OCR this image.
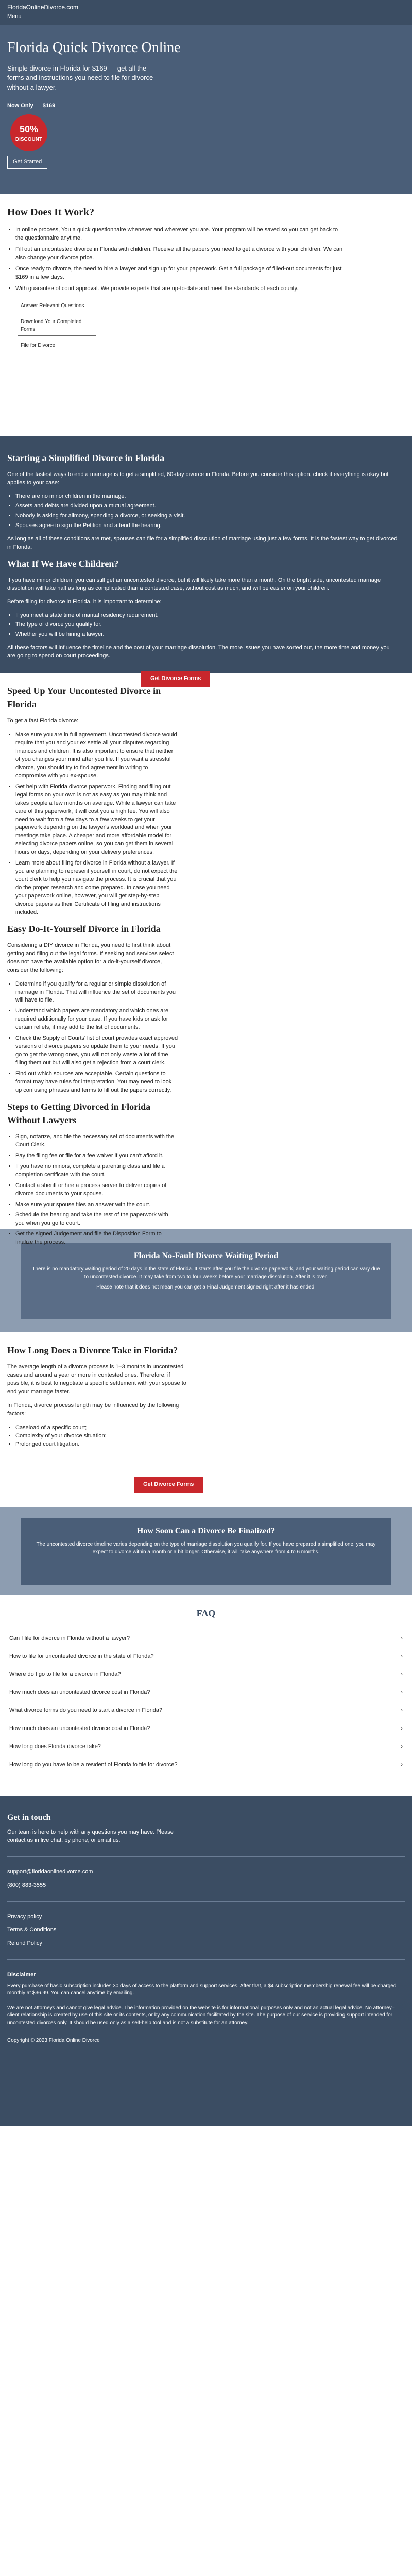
FloridaOnlineDivorce.com
Menu
Florida Quick Divorce Online

Simple divorce in Florida for $169 — get all the forms and instructions you need to file for divorce without a lawyer.

Now Only $169
50%
DISCOUNT
Get Started
How Does It Work?
• In online process, You a quick questionnaire whenever and wherever you are. Your program will be saved so you can get back to the questionnaire anytime.
• Fill out an uncontested divorce in Florida with children. Receive all the papers you need to get a divorce with your children. We can also change your divorce price.
• Once ready to divorce, the need to hire a lawyer and sign up for your paperwork. Get a full package of filled-out documents for just $169 in a few days.
• With guarantee of court approval. We provide experts that are up-to-date and meet the standards of each county.
Answer Relevant Questions
Download Your Completed Forms
File for Divorce
Starting a Simplified Divorce in Florida

One of the fastest ways to end a marriage is to get a simplified, 60-day divorce in Florida. Before you consider this option, check if everything is okay but applies to your case:

• There are no minor children in the marriage.
• Assets and debts are divided upon a mutual agreement.
• Nobody is asking for alimony, spending a divorce, or seeking a visit.
• Spouses agree to sign the Petition and attend the hearing.

As long as all of these conditions are met, spouses can file for a simplified dissolution of marriage using just a few forms. It is the fastest way to get divorced in Florida.

What If We Have Children?

If you have minor children, you can still get an uncontested divorce, but it will likely take more than a month. On the bright side, uncontested marriage dissolution will take half as long as complicated than a contested case, without cost as much, and will be easier on your children.

Before filing for divorce in Florida, it is important to determine:

• If you meet a state time of marital residency requirement.
• The type of divorce you qualify for.
• Whether you will be hiring a lawyer.

All these factors will influence the timeline and the cost of your marriage dissolution. The more issues you have sorted out, the more time and money you are going to spend on court proceedings.

Get Divorce Forms
Speed Up Your Uncontested Divorce in Florida

To get a fast Florida divorce:

• Make sure you are in full agreement. Uncontested divorce would require that you and your ex settle all your disputes regarding finances and children. It is also important to ensure that neither of you changes your mind after you file. If you want a stressful divorce, you should try to find agreement in writing to compromise with you ex-spouse.
• Get help with Florida divorce paperwork. Finding and filing out legal forms on your own is not as easy as you may think and takes people a few months on average. While a lawyer can take care of this paperwork, it will cost you a high fee. You will also need to wait from a few days to a few weeks to get your paperwork depending on the lawyer's workload and when your meetings take place. A cheaper and more affordable model for selecting divorce papers online, so you can get them in several hours or days, depending on your delivery preferences.
• Learn more about filing for divorce in Florida without a lawyer. If you are planning to represent yourself in court, do not expect the court clerk to help you navigate the process. It is crucial that you do the proper research and come prepared. In case you need your paperwork online, however, you will get step-by-step divorce papers as their Certificate of filing and instructions included.
Easy Do-It-Yourself Divorce in Florida

Considering a DIY divorce in Florida, you need to first think about getting and filing out the legal forms. If seeking and services select does not have the available option for a do-it-yourself divorce, consider the following:

• Determine if you qualify for a regular or simple dissolution of marriage in Florida. That will influence the set of documents you will have to file.
• Understand which papers are mandatory and which ones are required additionally for your case. If you have kids or ask for certain reliefs, it may add to the list of documents.
• Check the Supply of Courts' list of court provides exact approved versions of divorce papers so update them to your needs. If you go to get the wrong ones, you will not only waste a lot of time filing them out but will also get a rejection from a court clerk.
• Find out which sources are acceptable. Certain questions to format may have rules for interpretation. You may need to look up confusing phrases and terms to fill out the papers correctly.
Steps to Getting Divorced in Florida Without Lawyers
• Sign, notarize, and file the necessary set of documents with the Court Clerk.
• Pay the filing fee or file for a fee waiver if you can't afford it.
• If you have no minors, complete a parenting class and file a completion certificate with the court.
• Contact a sheriff or hire a process server to deliver copies of divorce documents to your spouse.
• Make sure your spouse files an answer with the court.
• Schedule the hearing and take the rest of the paperwork with you when you go to court.
• Get the signed Judgement and file the Disposition Form to finalize the process.
Florida No-Fault Divorce Waiting Period

There is no mandatory waiting period of 20 days in the state of Florida. It starts after you file the divorce paperwork, and your waiting period can vary due to uncontested divorce. It may take from two to four weeks before your marriage dissolution. After it is over.

Please note that it does not mean you can get a Final Judgement signed right after it has ended.

How Long Does a Divorce Take in Florida?

The average length of a divorce process is 1–3 months in uncontested cases and around a year or more in contested ones. Therefore, if possible, it is best to negotiate a specific settlement with your spouse to end your marriage faster.

In Florida, divorce process length may be influenced by the following factors:

• Caseload of a specific court;
• Complexity of your divorce situation;
• Prolonged court litigation.
Get Divorce Forms
How Soon Can a Divorce Be Finalized?

The uncontested divorce timeline varies depending on the type of marriage dissolution you qualify for. If you have prepared a simplified one, you may expect to divorce within a month or a bit longer. Otherwise, it will take anywhere from 4 to 6 months.

FAQ
Can I file for divorce in Florida without a lawyer?	›
How to file for uncontested divorce in the state of Florida?	›
Where do I go to file for a divorce in Florida?	›
How much does an uncontested divorce cost in Florida?	›
What divorce forms do you need to start a divorce in Florida?	›
How much does an uncontested divorce cost in Florida?	›
How long does Florida divorce take?	›
How long do you have to be a resident of Florida to file for divorce?	›
Get in touch

Our team is here to help with any questions you may have. Please contact us in live chat, by phone, or email us.

support@floridaonlinedivorce.com
(800) 883-3555
Privacy policy
Terms & Conditions
Refund Policy

Disclaimer

Every purchase of basic subscription includes 30 days of access to the platform and support services. After that, a $4 subscription membership renewal fee will be charged monthly at $36.99. You can cancel anytime by emailing.

We are not attorneys and cannot give legal advice. The information provided on the website is for informational purposes only and not an actual legal advice. No attorney–client relationship is created by use of this site or its contents, or by any communication facilitated by the site. The purpose of our service is providing support intended for uncontested divorces only. It should be used only as a self-help tool and is not a substitute for an attorney.

Copyright © 2023 Florida Online Divorce
